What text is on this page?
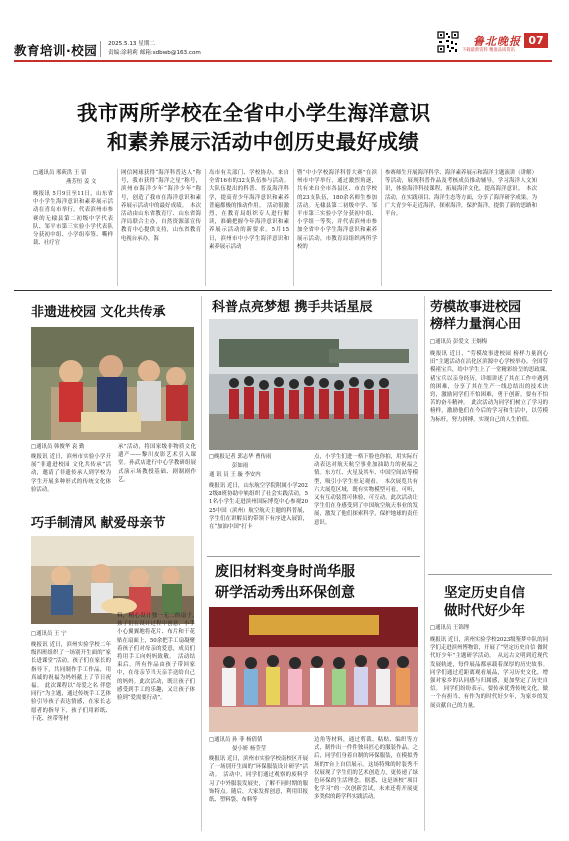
教育培训·校园 2025.5.13 星期二
责编:涂莉莉 邮箱:sdbwb@163.com	下载最新资料 精准品质资讯
鲁北晚报 07
我市两所学校在全省中小学生海洋意识
和素养展示活动中创历史最好成绩
□通讯员 邢莜洪 王 留
燕芳恒 姜 文
晚报讯 5月9日至11日，山东省中小学生海洋意识和素养展示活动在青岛市举行。代表滨州市参赛的无棣县第二初级中学代表队、邹平市第三实验小学代表队分获初中组、小学组奉签、嘶样裁、社疗官
网信网球获得“海洋科普达人”称号，我市获得“海洋之星”称号，滨州市海洋少年“海洋少年”称号，创造了我市在海洋意识和素养展示活动中的最好成绩。　本次活动由山东省教育厅、山东省海洋局联合主办，自然资源部宣传教育中心提供支持，山东省教育电视台承办，海
岛市有关部门、学校协办。来自全省16市的32支队伍参与活动。大队伍提出的科普、普及海洋科学，提高青少年海洋意识和素养普遍都极的推动作用。　活动很激烈，在教育局组织专人进行解读，准确把握今年海洋意识和素养展示活动的新要求。5月15日，滨州市中小学生海洋意识和素养展示活动
暨“中小学校海洋科普大赛”在滨州市中学举行，通过激烈角逐，共有来自全市各县区、市直学校的23支队伍，180余名师生参加活动。无棣县第二初级中学、邹平市第三实验小学分获初中组、小学组一等奖，并代表滨州市参加全省中小学生海洋意识和素养展示活动，市教育局组织两所学校的
参赛师生开展海洋科学、海洋素养展示和海洋主题演讲（讲解）等活动，展现科普作品及考核成员推动辅导，学习海洋人文知识，体验海洋科技课程，拓展海洋文化，提高海洋意识。　本次活动，在实践项目、海洋生态等方面，分享了海洋研学成果，为广大青少年走近海洋，探索海洋，保护海洋，提供了新的思路和平台。
非遗进校园 文化共传承
□通讯员 韩俊华 袁 勤
晚报讯 近日，滨州市实验小学开展“非遗进校园 文化共传承”活动，邀请了非遗传承人到学校为学生开展多种形式的传统文化体验活动。
承”活动，将国家级非物质文化遗产——黎川皮影艺术引入课堂。孙武店进行中心学教研组展式演示场教授基础、剧制剧作艺。
巧手制清风 献爱母亲节
□通讯员 王 宁
晚报讯 近日，滨州实验学校二年级四班组织了一场别开生面的“家长进课堂”活动。孩子们在家长的指导下，共同制作手工作品，用真诚的祝福为妈妈献上了节日祝福。　此次课程以“母爱之名 伴您同行”为主题，通过传统手工艺体验引导孩子表达情感，在家长志愿者的指导下，孩子们用彩纸、干花、丝带等材
料，精心设计独一无二的扇子。　孩子们在设计过程中创意、小手小心翼翼地将花片、布片和干花贴在扇面上，50余把手工扇凝聚着孩子们对母亲的爱意，成员们将用手工向妈妈致敬。　活动结束后，所有作品由孩子带回家中，在母亲节当天亲手送给自己的妈妈。此次活动，既让孩子们感受到手工的乐趣，又让孩子体验到“爱需要行动”。
科普点亮梦想 携手共话星辰
□晚报记者 郭志华 曹传雨
彭如雨
通 讯 员 王 璇 李安内
晚报讯 近日，山东航空学院附属小学2022级8班协助中轨组织了社会实践活动，51名小学生走进滨州国际博览中心参观2025中国（滨州）航空航天主题的科普展，学生们在讲解员的带领下有序进入展馆，在“加油中国”打卡
点，小学生们进一格下脸也你拍，用实际行动表达对航天航空事业加油助力的祝福之情。东方红、火星及其车、中国空间站等模型，吸引小学生驻足观看。　本次展览共有六大展览区域，既有实物模型可看，可听，又有互动装置可体验、可互动。此次活动让学生们在身感受到了中国航空航天事业的发展，激发了他们探索科学，保护地球的责任意识。
废旧材料变身时尚华服
研学活动秀出环保创意
□通讯员 孙 菲 杨倩倩
晏小妍 杨莹莹
晚报讯 近日，滨州市实验学校南校区开展了一场别开生面的“环保服装设计研学”活动。　活动中，同学们通过观察的废料学习了中外服装发展史，了解不同时期的服饰特点。随后，大家发挥创意，利用旧报纸、塑料袋、布料等
边角等材料，通过剪裁、粘贴、编织等方式，制作出一件件独具匠心的服装作品。之后，同学们身着自制的环保服装，在模拟秀场的T台上自信展示。这场特殊的时装秀不仅展现了学生们的艺术创造力，更传递了绿色环保的生活理念。据悉，这是该校“项目化学习”的一次创新尝试，未来还将开展更多类似的跨学科实践活动。
劳模故事进校园
榜样力量润心田
□通讯员 彭爱文 王炯梅
晚报讯 近日，“劳模故事进校园 榜样力量润心田”主题活动在沾化区滨源中心学校举办。全国劳模褚宝兵，给中学生上了一堂精彩纷呈的思政课。　褚宝兵以亲身经历，详细讲述了其在工作中遇到的困难，分享了其在生产一线总结出的技术诀窍，激励同学们不怕困难，勇于创新，要有不怕苦的奋斗精神。　此次活动为同学们树立了学习的榜样，激励他们在今后的学习和生活中，以劳模为标杆，努力拼搏，实现自己的人生价值。
坚定历史自信
做时代好少年
□通讯员 王锦锂
晚报讯 近日，滨州实验学校2023级鉴梦中队的同学们走进滨州博物馆，开展了“坚定历史自信 做时代好少年”主题研学活动。　从远古文明到近现代发展轨迹，每件展品都承载着深厚的历史故事。同学们通过近距离观看展品，学习历史文化，增强对家乡的认同感与归属感，更加坚定了历史自信。　同学们纷纷表示，要传承优秀传统文化，做一个有担当、有作为的时代好少年，为家乡的发展贡献自己的力量。
